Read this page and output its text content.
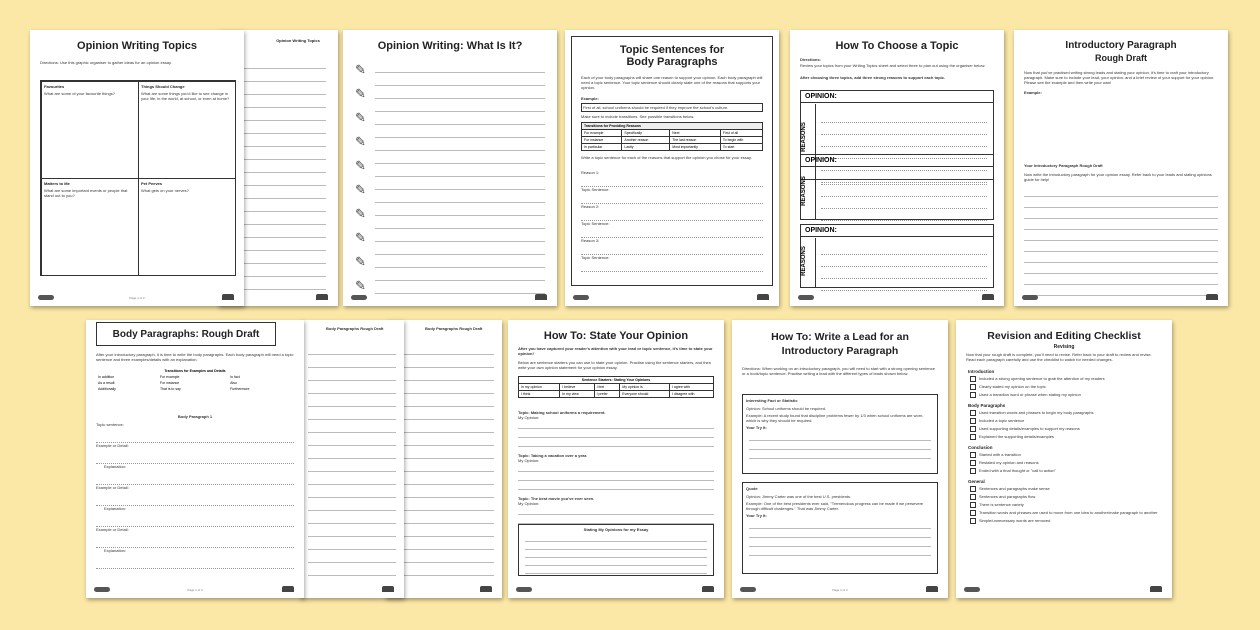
Opinion Writing Topics
Opinion Writing Topics
Directions: Use this graphic organiser to gather ideas for an opinion essay.
Favourites
What are some of your favourite things?
Things Should Change
What are some things you'd like to see change in your life, in the world, at school, or even at home?
Matters to Me
What are some important events or people that stand out to you?
Pet Peeves
What gets on your nerves?
Page 1 of 2
Opinion Writing: What Is It?
✎
✎
✎
✎
✎
✎
✎
✎
✎
✎
Topic Sentences for Body Paragraphs
Each of your body paragraphs will share one reason to support your opinion. Each body paragraph will need a topic sentence. Your topic sentence should clearly state one of the reasons that supports your opinion.
Example:
First of all, school uniforms should be required if they improve the school's culture.
Make sure to include transitions. See possible transitions below.
Transitions for Providing Reasons			
For example	Specifically	Next	First of all
For instance	Another reason	The last reason	To begin with
In particular	Lastly	Most importantly	To start
Write a topic sentence for each of the reasons that support the opinion you chose for your essay.
Reason 1:
Topic Sentence:
Reason 2:
Topic Sentence:
Reason 3:
Topic Sentence:
How To Choose a Topic
Directions:
Review your topics from your Writing Topics sheet and select three to plan out using the organiser below.
After choosing three topics, add three strong reasons to support each topic.
OPINION:
REASONS
OPINION:
REASONS
OPINION:
REASONS
Introductory Paragraph
Rough Draft
Now that you've practised writing strong leads and stating your opinion, it's time to craft your introductory paragraph. Make sure to include your lead, your opinion, and a brief review of your support for your opinion. Please see the example and then write your own!
Example:
Your Introductory Paragraph Rough Draft
Now write the introductory paragraph for your opinion essay. Refer back to your leads and stating opinions guide for help!
Body Paragraphs Rough Draft
Body Paragraphs Rough Draft
Body Paragraphs: Rough Draft
After your introductory paragraph, it is time to write the body paragraphs. Each body paragraph will need a topic sentence and three examples/details with an explanation.
Transitions for Examples and Details		
In addition	For example	In fact
As a result	For instance	Also
Additionally	That is to say	Furthermore
Body Paragraph 1
Topic sentence:
Example or Detail:
Explanation:
Example or Detail:
Explanation:
Example or Detail:
Explanation:
Page 1 of 3
How To: State Your Opinion
After you have captured your reader's attention with your lead or topic sentence, it's time to state your opinion!
Below are sentence starters you can use to state your opinion. Practise using the sentence starters, and then write your own opinion statement for your opinion essay.
Sentence Starters: Stating Your Opinions				
In my opinion	I believe	I feel	My opinion is	I agree with
I think	In my view	I prefer	Everyone should	I disagree with
Topic: Making school uniforms a requirement.
My Opinion:
Topic: Taking a vacation over a year.
My Opinion:
Topic: The best movie you've ever seen.
My Opinion:
Stating My Opinions for my Essay
How To: Write a Lead for an Introductory Paragraph
Directions: When working on an introductory paragraph, you will need to start with a strong opening sentence or a hook/topic sentence. Practise writing a lead with the different types of leads shown below.
Interesting Fact or Statistic
Opinion: School uniforms should be required.
Example: A recent study found that discipline problems fewer by 1/3 when school uniforms are worn, which is why they should be required.
Your Try It:
Quote
Opinion: Jimmy Carter was one of the best U.S. presidents.
Example: One of the best presidents ever said, "Tremendous progress can be made if we persevere through difficult challenges." That was Jimmy Carter.
Your Try It:
Page 1 of 2
Revision and Editing Checklist
Revising
Now that your rough draft is complete, you'll need to revise. Refer back to your draft to review and revise. Read each paragraph carefully and use the checklist to watch for needed changes.
Introduction
Included a strong opening sentence to grab the attention of my readers
Clearly stated my opinion on the topic
Used a transition word or phrase when stating my opinion
Body Paragraphs
Used transition words and phrases to begin my body paragraphs
Included a topic sentence
Used supporting details/examples to support my reasons
Explained the supporting details/examples
Conclusion
Started with a transition
Restated my opinion and reasons
Ended with a final thought or "call to action"
General
Sentences and paragraphs make sense
Sentences and paragraphs flow
There is sentence variety
Transition words and phrases are used to move from one idea to another/make paragraph to another
Simple/unnecessary words are removed
